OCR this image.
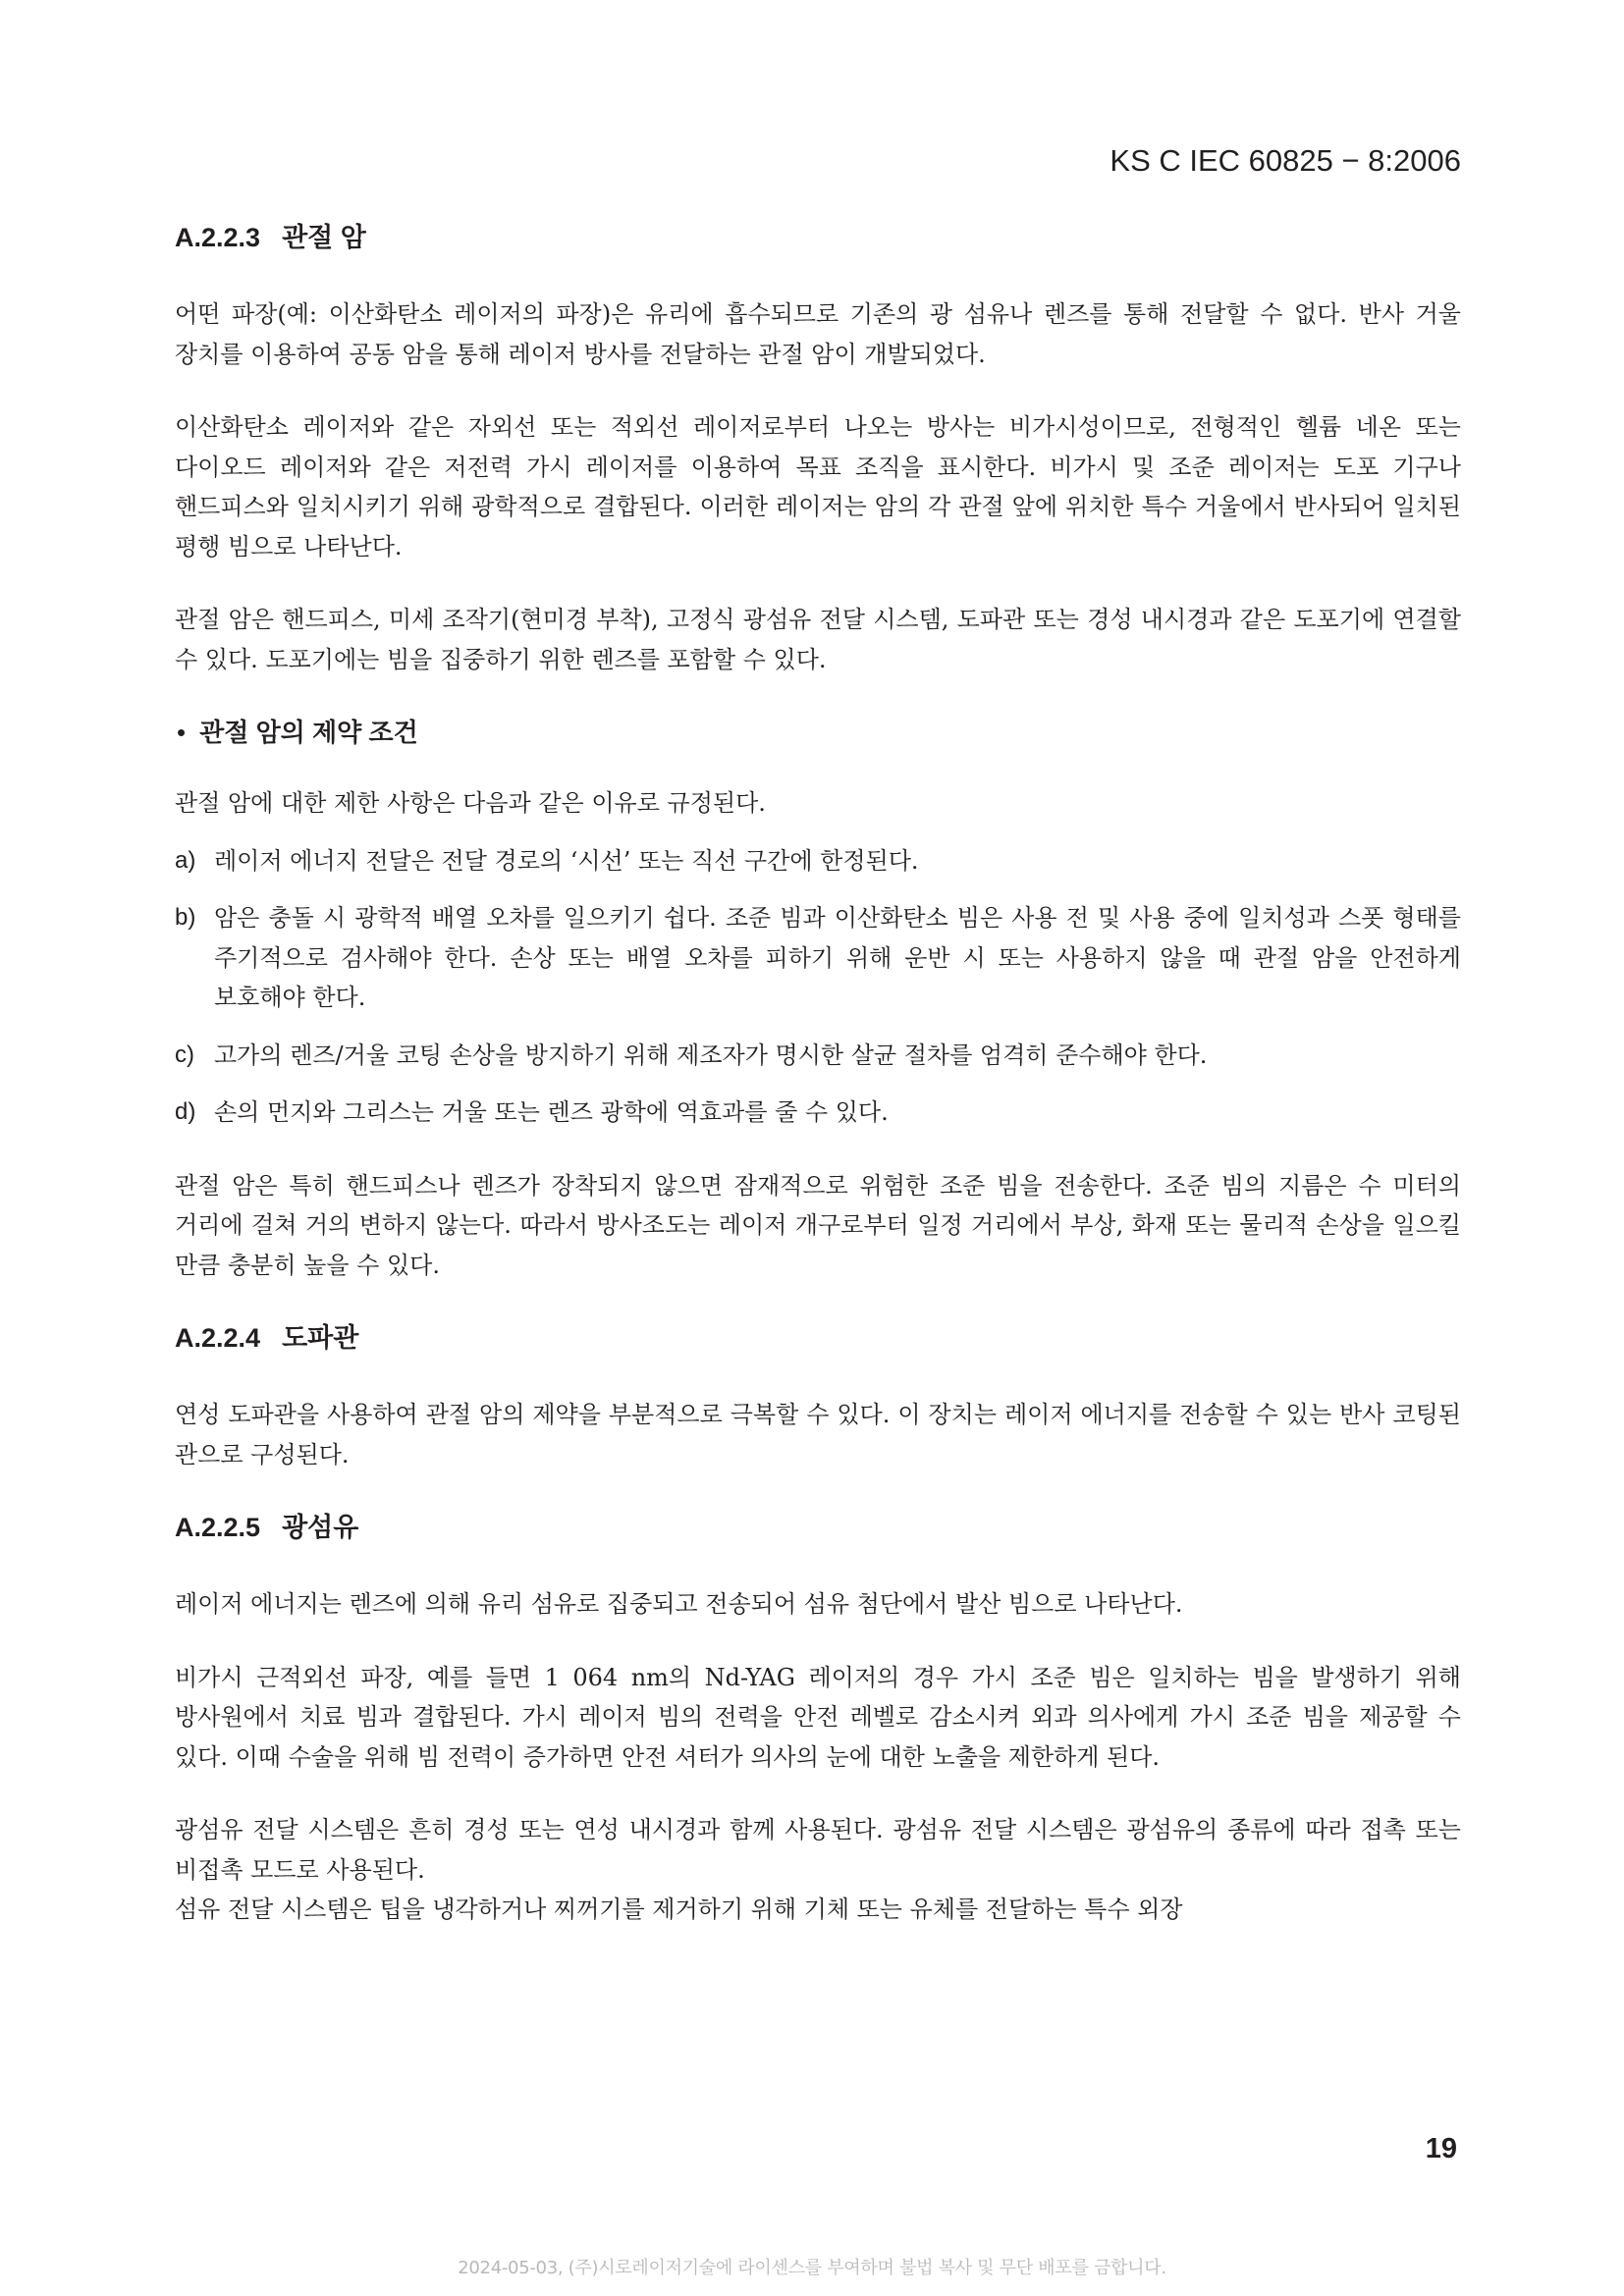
KS C IEC 60825 − 8:2006
A.2.2.3 관절 암

어떤 파장(예: 이산화탄소 레이저의 파장)은 유리에 흡수되므로 기존의 광 섬유나 렌즈를 통해 전달할 수 없다. 반사 거울 장치를 이용하여 공동 암을 통해 레이저 방사를 전달하는 관절 암이 개발되었다.

이산화탄소 레이저와 같은 자외선 또는 적외선 레이저로부터 나오는 방사는 비가시성이므로, 전형적인 헬륨 네온 또는 다이오드 레이저와 같은 저전력 가시 레이저를 이용하여 목표 조직을 표시한다. 비가시 및 조준 레이저는 도포 기구나 핸드피스와 일치시키기 위해 광학적으로 결합된다. 이러한 레이저는 암의 각 관절 앞에 위치한 특수 거울에서 반사되어 일치된 평행 빔으로 나타난다.

관절 암은 핸드피스, 미세 조작기(현미경 부착), 고정식 광섬유 전달 시스템, 도파관 또는 경성 내시경과 같은 도포기에 연결할 수 있다. 도포기에는 빔을 집중하기 위한 렌즈를 포함할 수 있다.

• 관절 암의 제약 조건

관절 암에 대한 제한 사항은 다음과 같은 이유로 규정된다.

a) 레이저 에너지 전달은 전달 경로의 ‘시선’ 또는 직선 구간에 한정된다.
b) 암은 충돌 시 광학적 배열 오차를 일으키기 쉽다. 조준 빔과 이산화탄소 빔은 사용 전 및 사용 중에 일치성과 스폿 형태를 주기적으로 검사해야 한다. 손상 또는 배열 오차를 피하기 위해 운반 시 또는 사용하지 않을 때 관절 암을 안전하게 보호해야 한다.
c) 고가의 렌즈/거울 코팅 손상을 방지하기 위해 제조자가 명시한 살균 절차를 엄격히 준수해야 한다.
d) 손의 먼지와 그리스는 거울 또는 렌즈 광학에 역효과를 줄 수 있다.

관절 암은 특히 핸드피스나 렌즈가 장착되지 않으면 잠재적으로 위험한 조준 빔을 전송한다. 조준 빔의 지름은 수 미터의 거리에 걸쳐 거의 변하지 않는다. 따라서 방사조도는 레이저 개구로부터 일정 거리에서 부상, 화재 또는 물리적 손상을 일으킬 만큼 충분히 높을 수 있다.

A.2.2.4 도파관

연성 도파관을 사용하여 관절 암의 제약을 부분적으로 극복할 수 있다. 이 장치는 레이저 에너지를 전송할 수 있는 반사 코팅된 관으로 구성된다.

A.2.2.5 광섬유

레이저 에너지는 렌즈에 의해 유리 섬유로 집중되고 전송되어 섬유 첨단에서 발산 빔으로 나타난다.

비가시 근적외선 파장, 예를 들면 1 064 nm의 Nd-YAG 레이저의 경우 가시 조준 빔은 일치하는 빔을 발생하기 위해 방사원에서 치료 빔과 결합된다. 가시 레이저 빔의 전력을 안전 레벨로 감소시켜 외과 의사에게 가시 조준 빔을 제공할 수 있다. 이때 수술을 위해 빔 전력이 증가하면 안전 셔터가 의사의 눈에 대한 노출을 제한하게 된다.

광섬유 전달 시스템은 흔히 경성 또는 연성 내시경과 함께 사용된다. 광섬유 전달 시스템은 광섬유의 종류에 따라 접촉 또는 비접촉 모드로 사용된다.

섬유 전달 시스템은 팁을 냉각하거나 찌꺼기를 제거하기 위해 기체 또는 유체를 전달하는 특수 외장

19
2024-05-03, (주)시로레이저기술에 라이센스를 부여하며 불법 복사 및 무단 배포를 금합니다.
